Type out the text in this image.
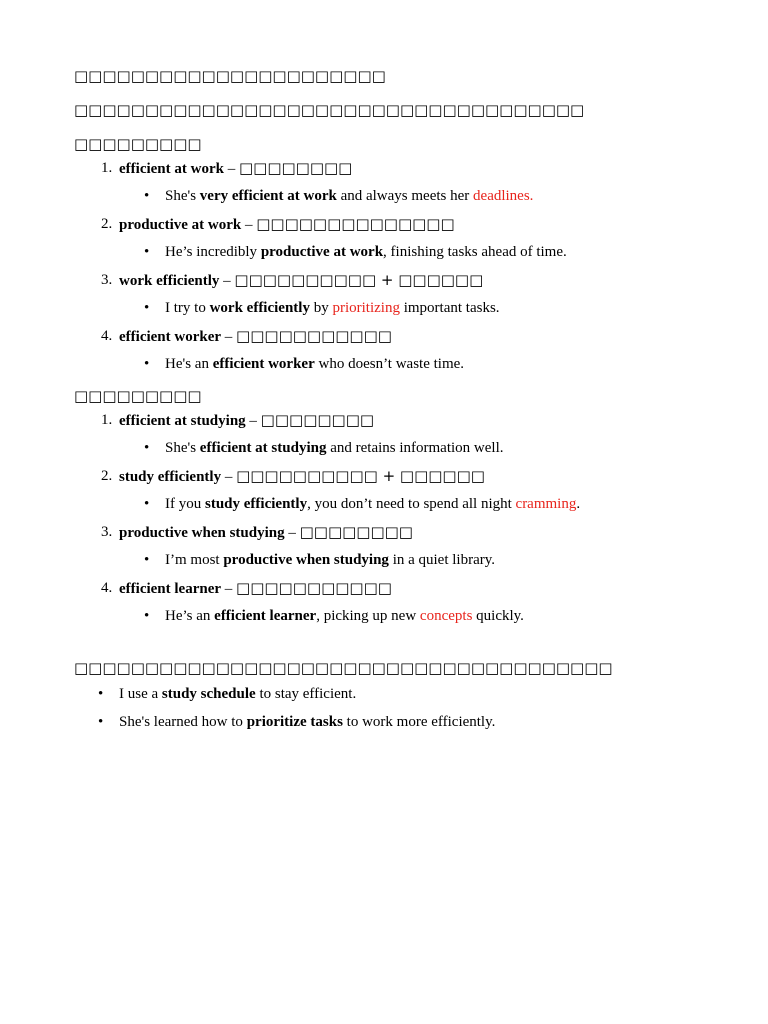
□□□□□□□□□□□□□□□□□□□□□□
□□□□□□□□□□□□□□□□□□□□□□□□□□□□□□□□□□□□
□□□□□□□□□
1. efficient at work – □□□□□□□□
• She's very efficient at work and always meets her deadlines.
2. productive at work – □□□□□□□□□□□□□□
• He’s incredibly productive at work, finishing tasks ahead of time.
3. work efficiently – □□□□□□□□□□ + □□□□□□
• I try to work efficiently by prioritizing important tasks.
4. efficient worker – □□□□□□□□□□□
• He's an efficient worker who doesn’t waste time.
□□□□□□□□□
1. efficient at studying – □□□□□□□□
• She's efficient at studying and retains information well.
2. study efficiently – □□□□□□□□□□ + □□□□□□
• If you study efficiently, you don’t need to spend all night cramming.
3. productive when studying – □□□□□□□□
• I’m most productive when studying in a quiet library.
4. efficient learner – □□□□□□□□□□□
• He’s an efficient learner, picking up new concepts quickly.
□□□□□□□□□□□□□□□□□□□□□□□□□□□□□□□□□□□□□□
• I use a study schedule to stay efficient.
• She's learned how to prioritize tasks to work more efficiently.
